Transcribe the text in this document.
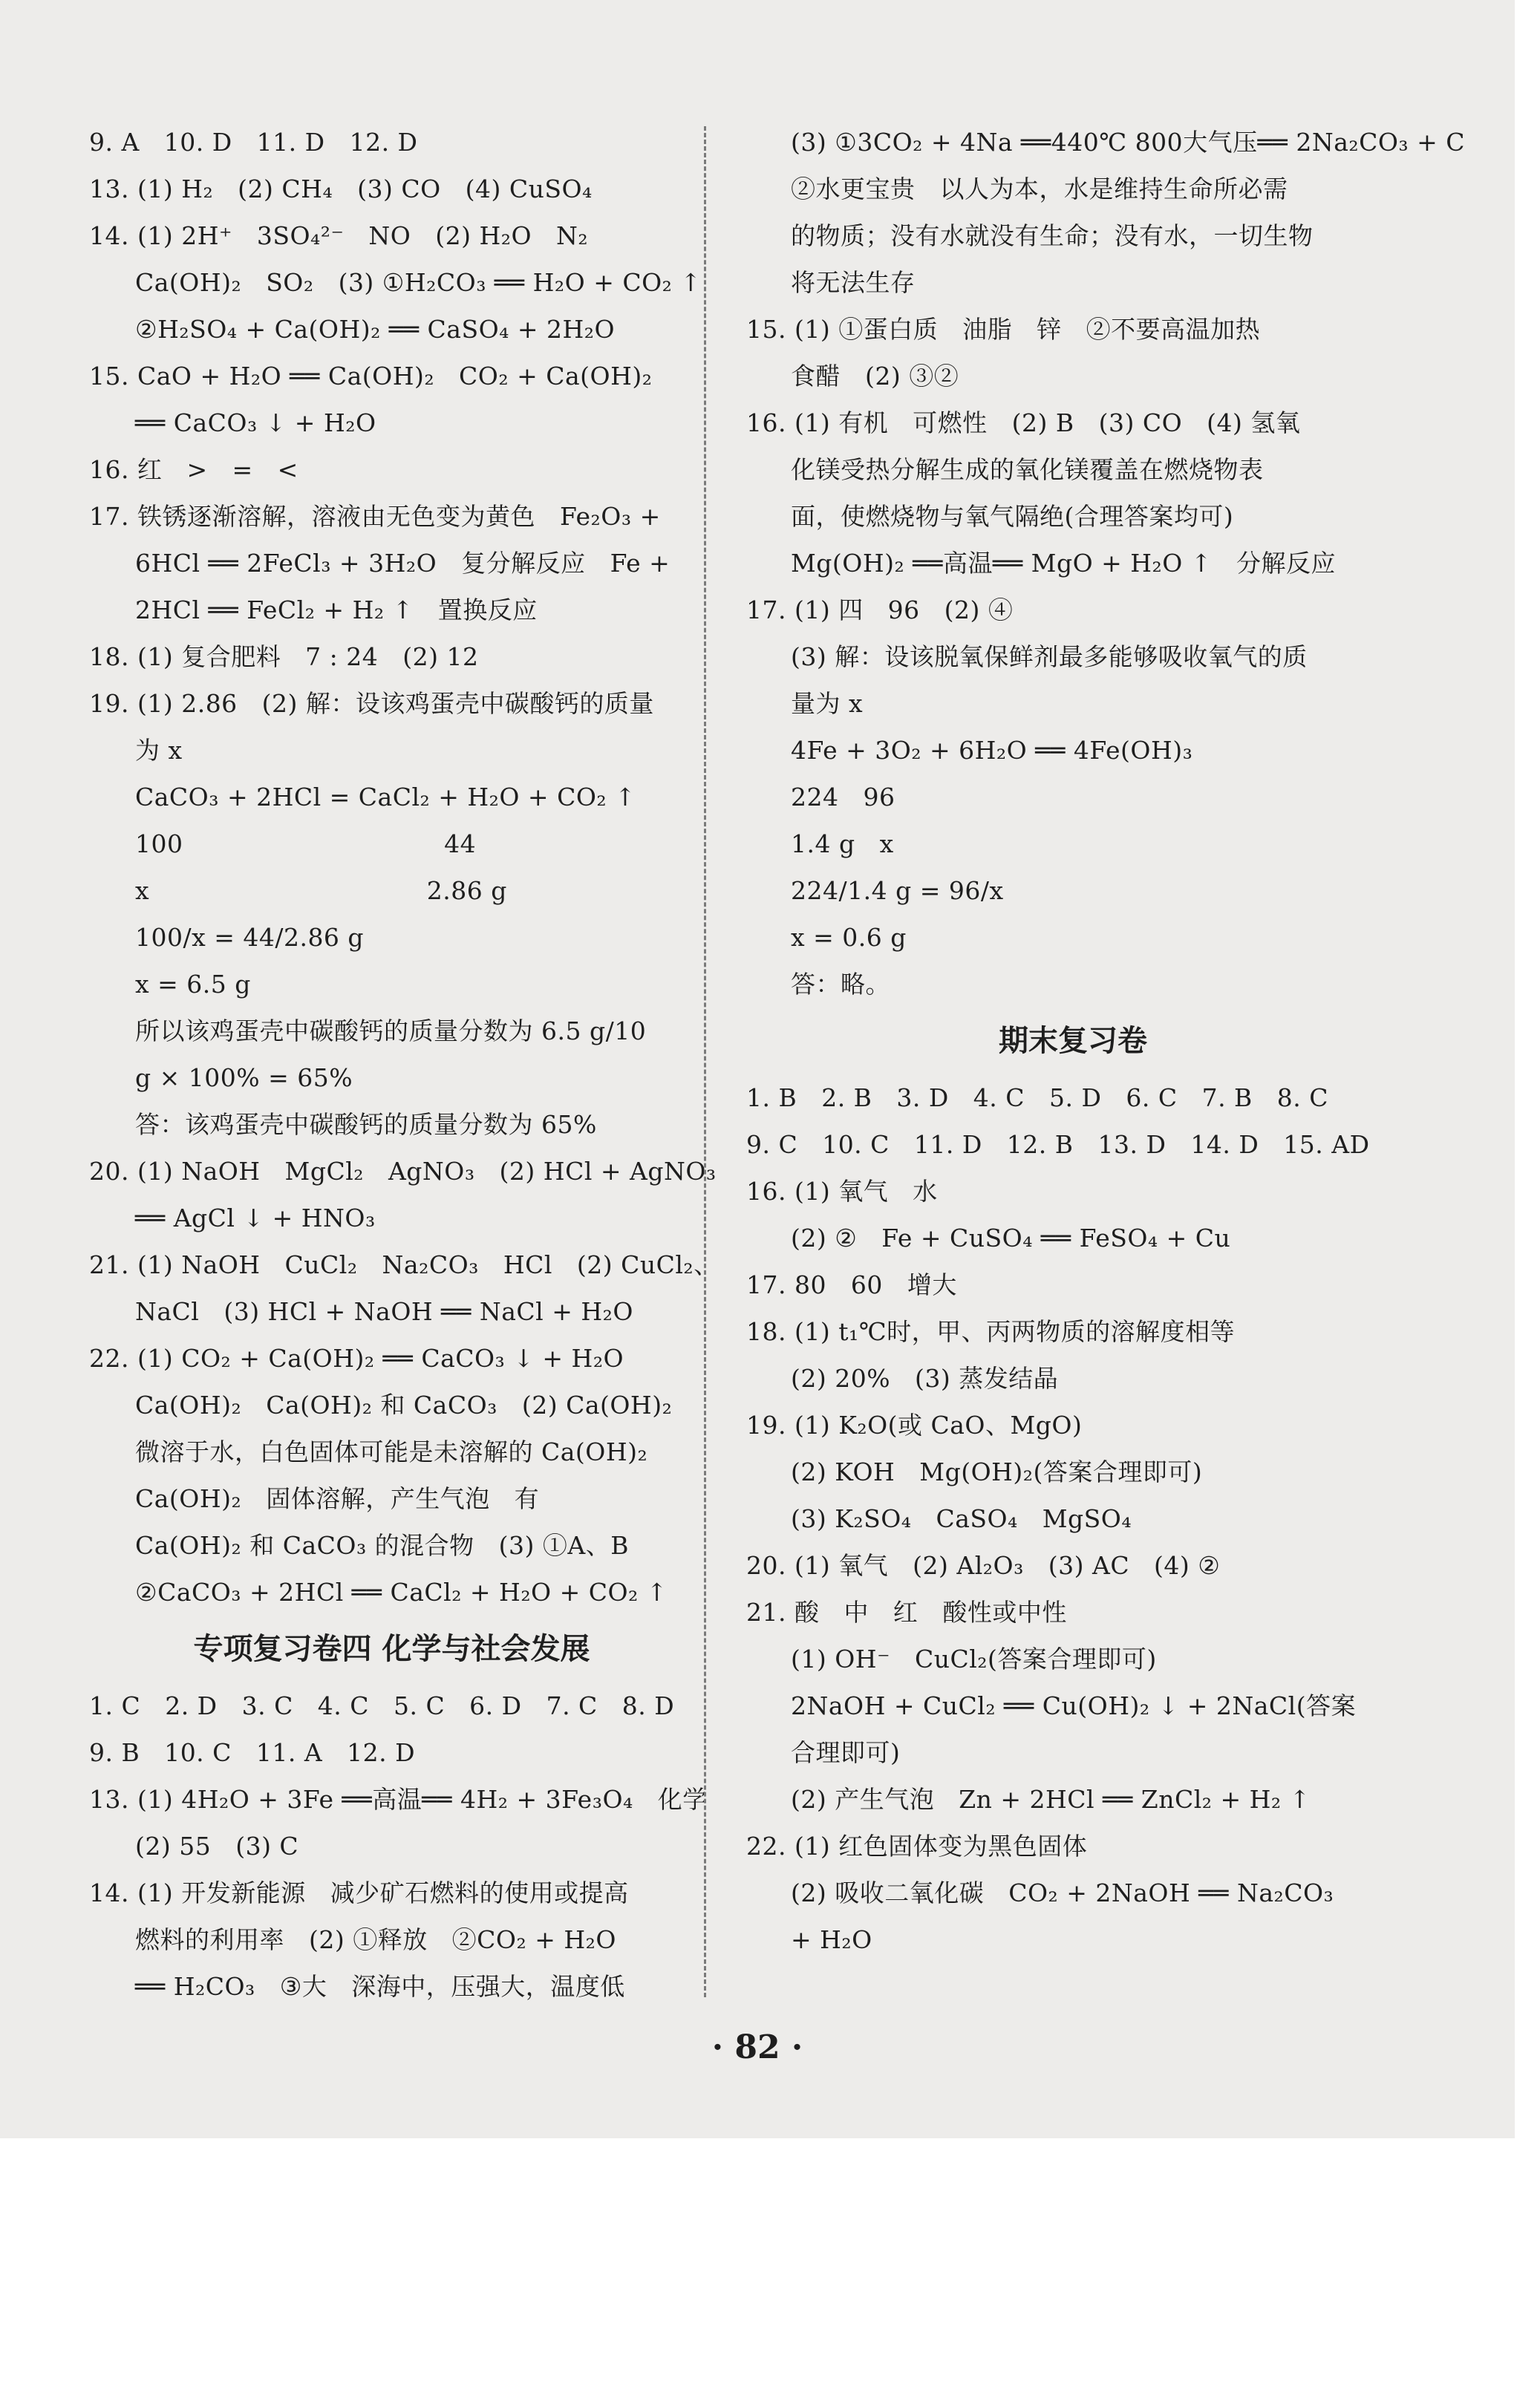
9. A   10. D   11. D   12. D
13. (1) H₂   (2) CH₄   (3) CO   (4) CuSO₄
14. (1) 2H⁺   3SO₄²⁻   NO   (2) H₂O   N₂
Ca(OH)₂   SO₂   (3) ①H₂CO₃ ══ H₂O + CO₂ ↑
②H₂SO₄ + Ca(OH)₂ ══ CaSO₄ + 2H₂O
15. CaO + H₂O ══ Ca(OH)₂   CO₂ + Ca(OH)₂
══ CaCO₃ ↓ + H₂O
16. 红   >   =   <
17. 铁锈逐渐溶解，溶液由无色变为黄色   Fe₂O₃ +
6HCl ══ 2FeCl₃ + 3H₂O   复分解反应   Fe +
2HCl ══ FeCl₂ + H₂ ↑   置换反应
18. (1) 复合肥料   7 : 24   (2) 12
19. (1) 2.86   (2) 解：设该鸡蛋壳中碳酸钙的质量
为 x
CaCO₃ + 2HCl = CaCl₂ + H₂O + CO₂ ↑
100                                44
x                                  2.86 g
100/x = 44/2.86 g
x = 6.5 g
所以该鸡蛋壳中碳酸钙的质量分数为 6.5 g/10
g × 100% = 65%
答：该鸡蛋壳中碳酸钙的质量分数为 65%
20. (1) NaOH   MgCl₂   AgNO₃   (2) HCl + AgNO₃
══ AgCl ↓ + HNO₃
21. (1) NaOH   CuCl₂   Na₂CO₃   HCl   (2) CuCl₂、
NaCl   (3) HCl + NaOH ══ NaCl + H₂O
22. (1) CO₂ + Ca(OH)₂ ══ CaCO₃ ↓ + H₂O
Ca(OH)₂   Ca(OH)₂ 和 CaCO₃   (2) Ca(OH)₂
微溶于水，白色固体可能是未溶解的 Ca(OH)₂
Ca(OH)₂   固体溶解，产生气泡   有
Ca(OH)₂ 和 CaCO₃ 的混合物   (3) ①A、B
②CaCO₃ + 2HCl ══ CaCl₂ + H₂O + CO₂ ↑
专项复习卷四 化学与社会发展
1. C   2. D   3. C   4. C   5. C   6. D   7. C   8. D
9. B   10. C   11. A   12. D
13. (1) 4H₂O + 3Fe ══高温══ 4H₂ + 3Fe₃O₄   化学
(2) 55   (3) C
14. (1) 开发新能源   减少矿石燃料的使用或提高
燃料的利用率   (2) ①释放   ②CO₂ + H₂O
══ H₂CO₃   ③大   深海中，压强大，温度低
(3) ①3CO₂ + 4Na ══440℃ 800大气压══ 2Na₂CO₃ + C
②水更宝贵   以人为本，水是维持生命所必需
的物质；没有水就没有生命；没有水，一切生物
将无法生存
15. (1) ①蛋白质   油脂   锌   ②不要高温加热
食醋   (2) ③②
16. (1) 有机   可燃性   (2) B   (3) CO   (4) 氢氧
化镁受热分解生成的氧化镁覆盖在燃烧物表
面，使燃烧物与氧气隔绝(合理答案均可)
Mg(OH)₂ ══高温══ MgO + H₂O ↑   分解反应
17. (1) 四   96   (2) ④
(3) 解：设该脱氧保鲜剂最多能够吸收氧气的质
量为 x
4Fe + 3O₂ + 6H₂O ══ 4Fe(OH)₃
224   96
1.4 g   x
224/1.4 g = 96/x
x = 0.6 g
答：略。
期末复习卷
1. B   2. B   3. D   4. C   5. D   6. C   7. B   8. C
9. C   10. C   11. D   12. B   13. D   14. D   15. AD
16. (1) 氧气   水
(2) ②   Fe + CuSO₄ ══ FeSO₄ + Cu
17. 80   60   增大
18. (1) t₁℃时，甲、丙两物质的溶解度相等
(2) 20%   (3) 蒸发结晶
19. (1) K₂O(或 CaO、MgO)
(2) KOH   Mg(OH)₂(答案合理即可)
(3) K₂SO₄   CaSO₄   MgSO₄
20. (1) 氧气   (2) Al₂O₃   (3) AC   (4) ②
21. 酸   中   红   酸性或中性
(1) OH⁻   CuCl₂(答案合理即可)
2NaOH + CuCl₂ ══ Cu(OH)₂ ↓ + 2NaCl(答案
合理即可)
(2) 产生气泡   Zn + 2HCl ══ ZnCl₂ + H₂ ↑
22. (1) 红色固体变为黑色固体
(2) 吸收二氧化碳   CO₂ + 2NaOH ══ Na₂CO₃
+ H₂O
· 82 ·
